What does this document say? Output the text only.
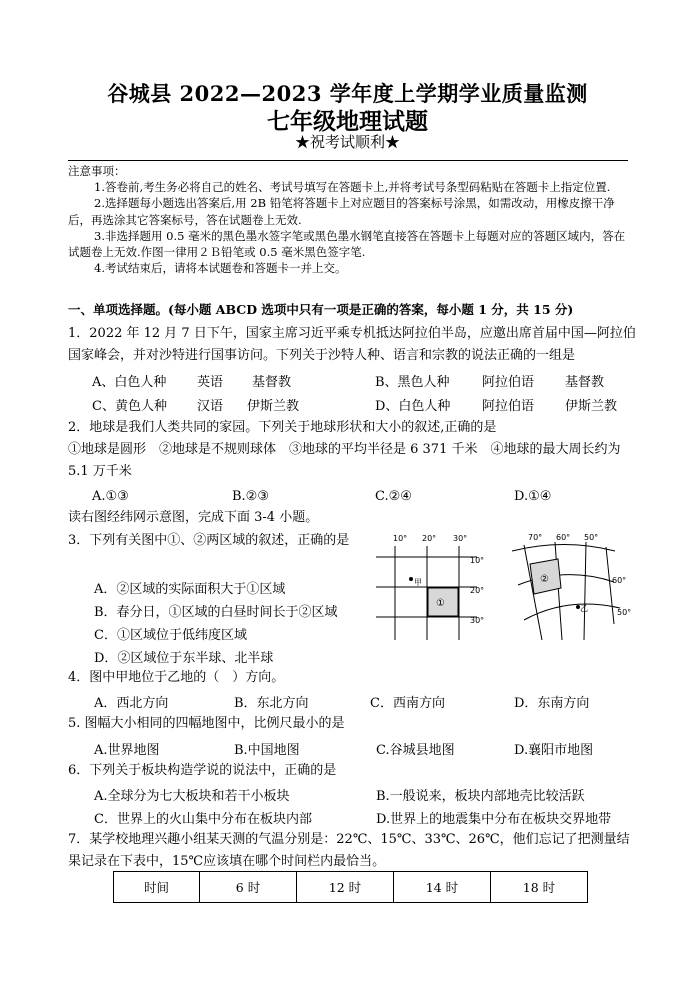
谷城县 2022—2023 学年度上学期学业质量监测
七年级地理试题
★祝考试顺利★

注意事项：

1.答卷前,考生务必将自己的姓名、考试号填写在答题卡上,并将考试号条型码粘贴在答题卡上指定位置.

2.选择题每小题选出答案后,用 2B 铅笔将答题卡上对应题目的答案标号涂黑，如需改动，用橡皮擦干净后，再选涂其它答案标号，答在试题卷上无效.

3.非选择题用 0.5 毫米的黑色墨水签字笔或黑色墨水钢笔直接答在答题卡上每题对应的答题区域内，答在试题卷上无效.作图一律用２Ｂ铅笔或 0.5 毫米黑色签字笔.

4.考试结束后，请将本试题卷和答题卡一并上交。

一、单项选择题。(每小题 ABCD 选项中只有一项是正确的答案，每小题 1 分，共 15 分)
1．2022 年 12 月 7 日下午，国家主席习近平乘专机抵达阿拉伯半岛，应邀出席首届中国—阿拉伯国家峰会，并对沙特进行国事访问。下列关于沙特人种、语言和宗教的说法正确的一组是
A、白色人种 英语 基督教	B、黑色人种 阿拉伯语 基督教
C、黄色人种 汉语 伊斯兰教	D、白色人种 阿拉伯语 伊斯兰教
2．地球是我们人类共同的家园。下列关于地球形状和大小的叙述,正确的是
①地球是圆形　②地球是不规则球体　③地球的平均半径是 6 371 千米　④地球的最大周长约为 5.1 万千米
A.①③	B.②③	C.②④	D.①④
读右图经纬网示意图，完成下面 3-4 小题。
3．下列有关图中①、②两区域的叙述，正确的是
A．②区域的实际面积大于①区域
B．春分日，①区域的白昼时间长于②区域
C．①区域位于低纬度区域
D．②区域位于东半球、北半球
10° 20° 30°
10°
20°
30°
甲
①
70° 60° 50°
60°
50°
乙
②
4．图中甲地位于乙地的（　）方向。
A．西北方向	B．东北方向	C．西南方向	D．东南方向
5. 图幅大小相同的四幅地图中，比例尺最小的是
A.世界地图	B.中国地图	C.谷城县地图	D.襄阳市地图
6．下列关于板块构造学说的说法中，正确的是
A.全球分为七大板块和若干小板块	B.一般说来，板块内部地壳比较活跃
C．世界上的火山集中分布在板块内部	D.世界上的地震集中分布在板块交界地带
7．某学校地理兴趣小组某天测的气温分别是：22℃、15℃、33℃、26℃，他们忘记了把测量结果记录在下表中，15℃应该填在哪个时间栏内最恰当。
时间	6 时	12 时	14 时	18 时
